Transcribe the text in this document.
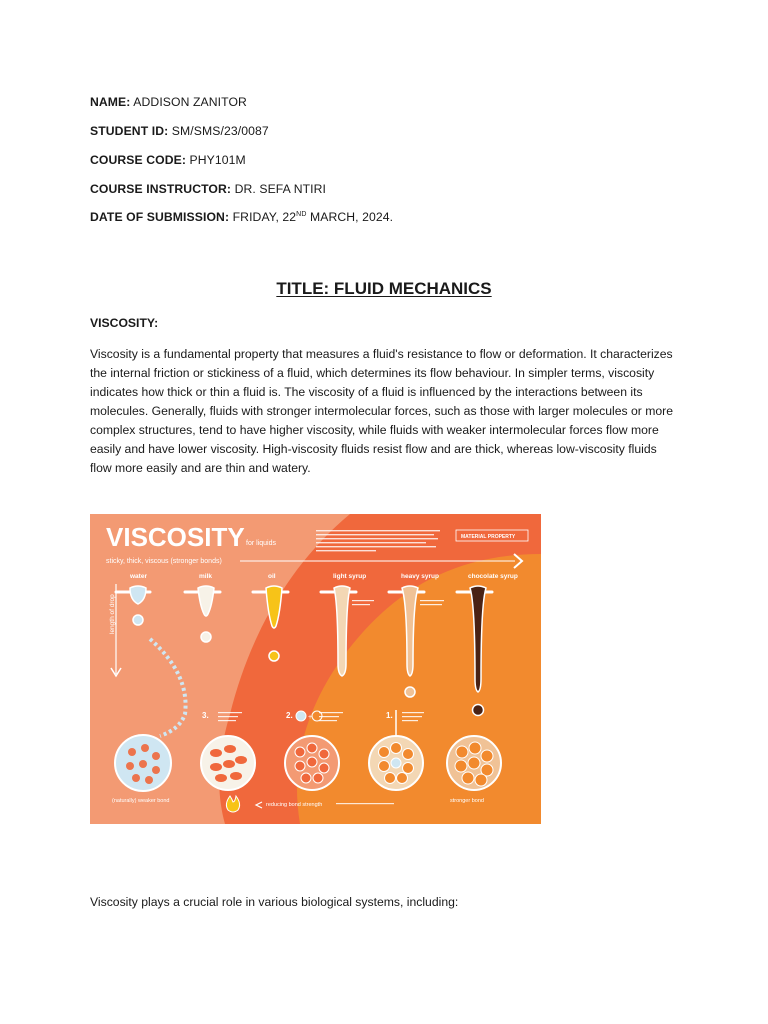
NAME: ADDISON ZANITOR
STUDENT ID: SM/SMS/23/0087
COURSE CODE: PHY101M
COURSE INSTRUCTOR: DR. SEFA NTIRI
DATE OF SUBMISSION: FRIDAY, 22ND MARCH, 2024.
TITLE: FLUID MECHANICS
VISCOSITY:

Viscosity is a fundamental property that measures a fluid's resistance to flow or deformation. It characterizes the internal friction or stickiness of a fluid, which determines its flow behaviour. In simpler terms, viscosity indicates how thick or thin a fluid is. The viscosity of a fluid is influenced by the interactions between its molecules. Generally, fluids with stronger intermolecular forces, such as those with larger molecules or more complex structures, tend to have higher viscosity, while fluids with weaker intermolecular forces flow more easily and have lower viscosity. High-viscosity fluids resist flow and are thick, whereas low-viscosity fluids flow more easily and are thin and watery.

VISCOSITY for liquids
sticky, thick, viscous (stronger bonds)
MATERIAL PROPERTY
water	milk	oil	light syrup	heavy syrup	chocolate syrup
length of drop
3.	2.	1.
+
(naturally) weaker bond
reducing bond strength
stronger bond
Viscosity plays a crucial role in various biological systems, including:
